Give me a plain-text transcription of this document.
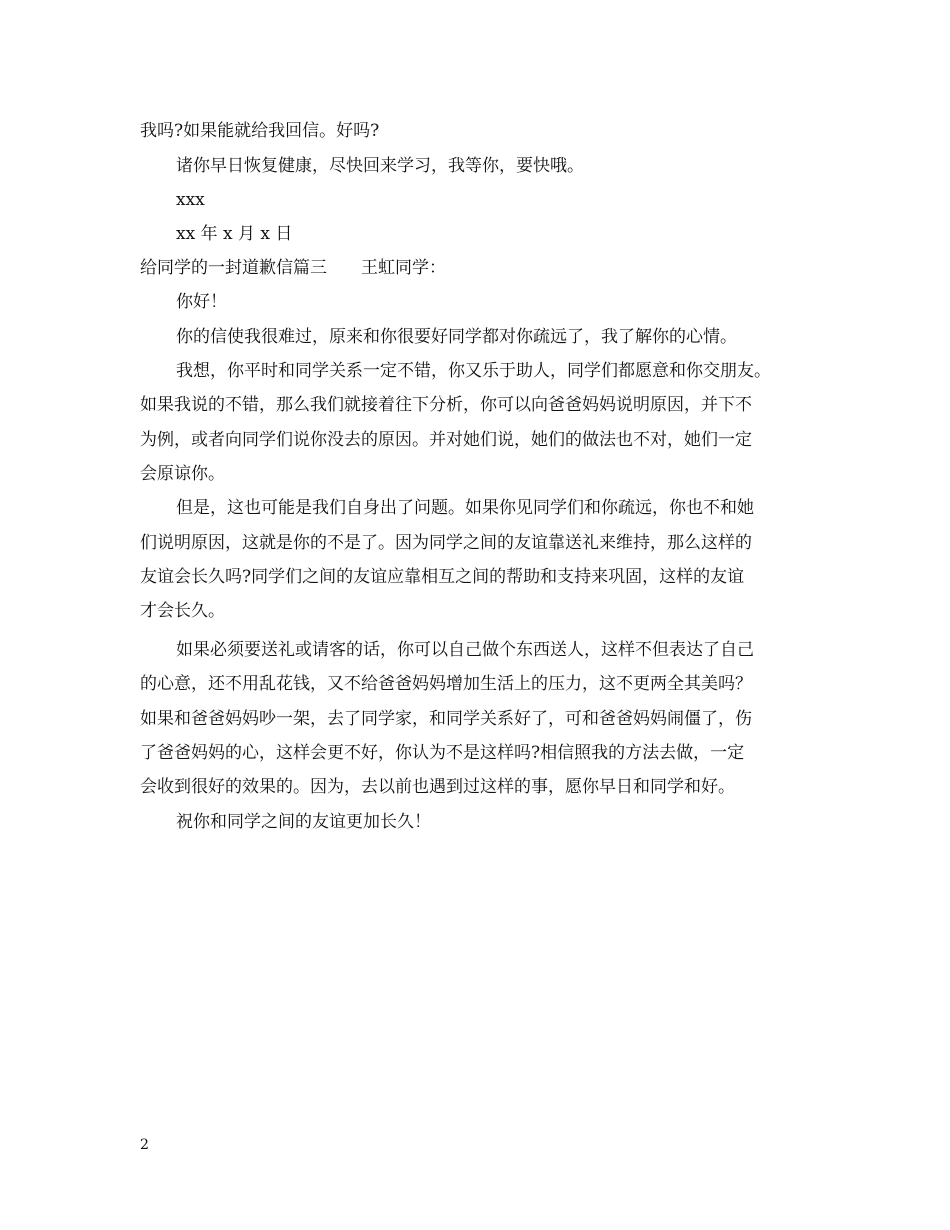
我吗?如果能就给我回信。好吗?
诸你早日恢复健康，尽快回来学习，我等你，要快哦。
xxx
xx 年 x 月 x 日
给同学的一封道歉信篇三　　王虹同学：
你好！
你的信使我很难过，原来和你很要好同学都对你疏远了，我了解你的心情。
我想，你平时和同学关系一定不错，你又乐于助人，同学们都愿意和你交朋友。
如果我说的不错，那么我们就接着往下分析，你可以向爸爸妈妈说明原因，并下不
为例，或者向同学们说你没去的原因。并对她们说，她们的做法也不对，她们一定
会原谅你。
但是，这也可能是我们自身出了问题。如果你见同学们和你疏远，你也不和她
们说明原因，这就是你的不是了。因为同学之间的友谊靠送礼来维持，那么这样的
友谊会长久吗?同学们之间的友谊应靠相互之间的帮助和支持来巩固，这样的友谊
才会长久。
如果必须要送礼或请客的话，你可以自己做个东西送人，这样不但表达了自己
的心意，还不用乱花钱，又不给爸爸妈妈增加生活上的压力，这不更两全其美吗？
如果和爸爸妈妈吵一架，去了同学家，和同学关系好了，可和爸爸妈妈闹僵了，伤
了爸爸妈妈的心，这样会更不好，你认为不是这样吗?相信照我的方法去做，一定
会收到很好的效果的。因为，去以前也遇到过这样的事，愿你早日和同学和好。
祝你和同学之间的友谊更加长久！
2
